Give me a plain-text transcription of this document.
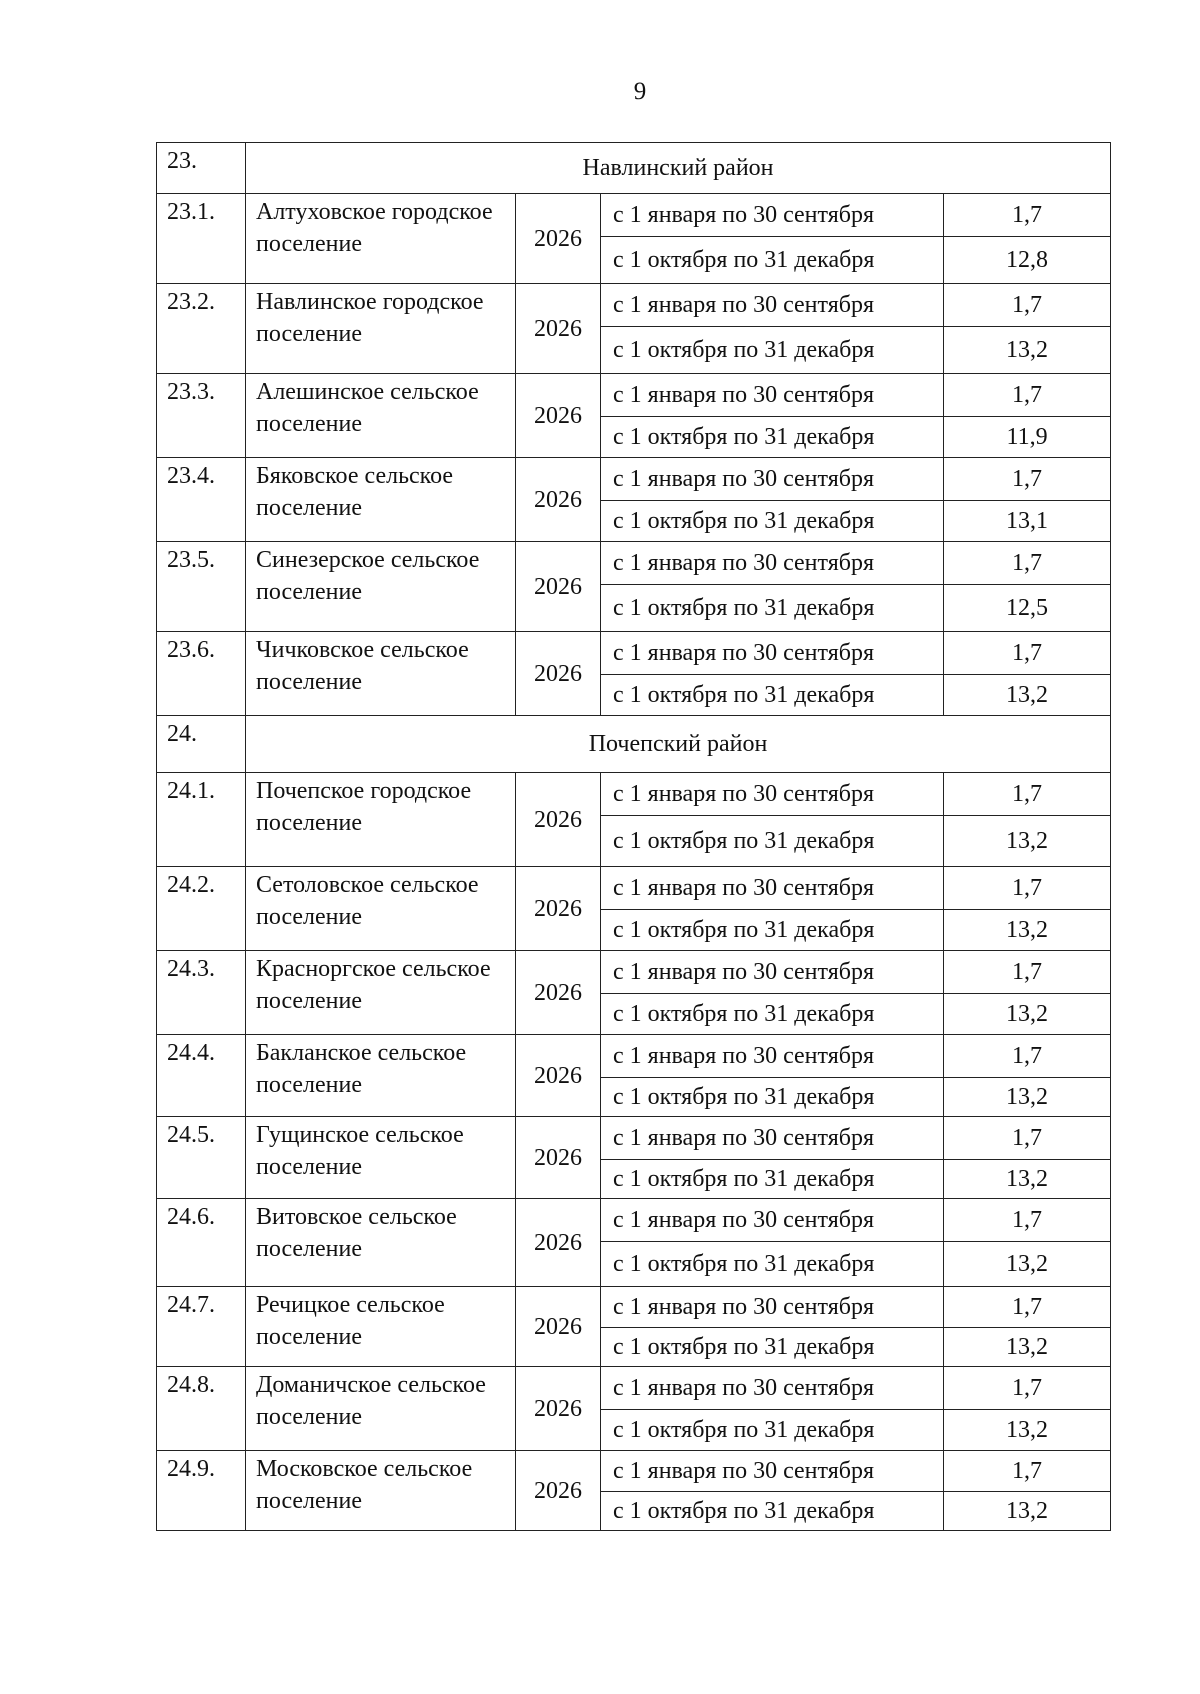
9
23.	Навлинский район			
23.1.	Алтуховское городское поселение	2026	с 1 января по 30 сентября	1,7
			с 1 октября по 31 декабря	12,8
23.2.	Навлинское городское поселение	2026	с 1 января по 30 сентября	1,7
			с 1 октября по 31 декабря	13,2
23.3.	Алешинское сельское поселение	2026	с 1 января по 30 сентября	1,7
			с 1 октября по 31 декабря	11,9
23.4.	Бяковское сельское поселение	2026	с 1 января по 30 сентября	1,7
			с 1 октября по 31 декабря	13,1
23.5.	Синезерское сельское поселение	2026	с 1 января по 30 сентября	1,7
			с 1 октября по 31 декабря	12,5
23.6.	Чичковское сельское поселение	2026	с 1 января по 30 сентября	1,7
			с 1 октября по 31 декабря	13,2
24.	Почепский район			
24.1.	Почепское городское поселение	2026	с 1 января по 30 сентября	1,7
			с 1 октября по 31 декабря	13,2
24.2.	Сетоловское сельское поселение	2026	с 1 января по 30 сентября	1,7
			с 1 октября по 31 декабря	13,2
24.3.	Красноргское сельское поселение	2026	с 1 января по 30 сентября	1,7
			с 1 октября по 31 декабря	13,2
24.4.	Бакланское сельское поселение	2026	с 1 января по 30 сентября	1,7
			с 1 октября по 31 декабря	13,2
24.5.	Гущинское сельское поселение	2026	с 1 января по 30 сентября	1,7
			с 1 октября по 31 декабря	13,2
24.6.	Витовское сельское поселение	2026	с 1 января по 30 сентября	1,7
			с 1 октября по 31 декабря	13,2
24.7.	Речицкое сельское поселение	2026	с 1 января по 30 сентября	1,7
			с 1 октября по 31 декабря	13,2
24.8.	Доманичское сельское поселение	2026	с 1 января по 30 сентября	1,7
			с 1 октября по 31 декабря	13,2
24.9.	Московское сельское поселение	2026	с 1 января по 30 сентября	1,7
			с 1 октября по 31 декабря	13,2
